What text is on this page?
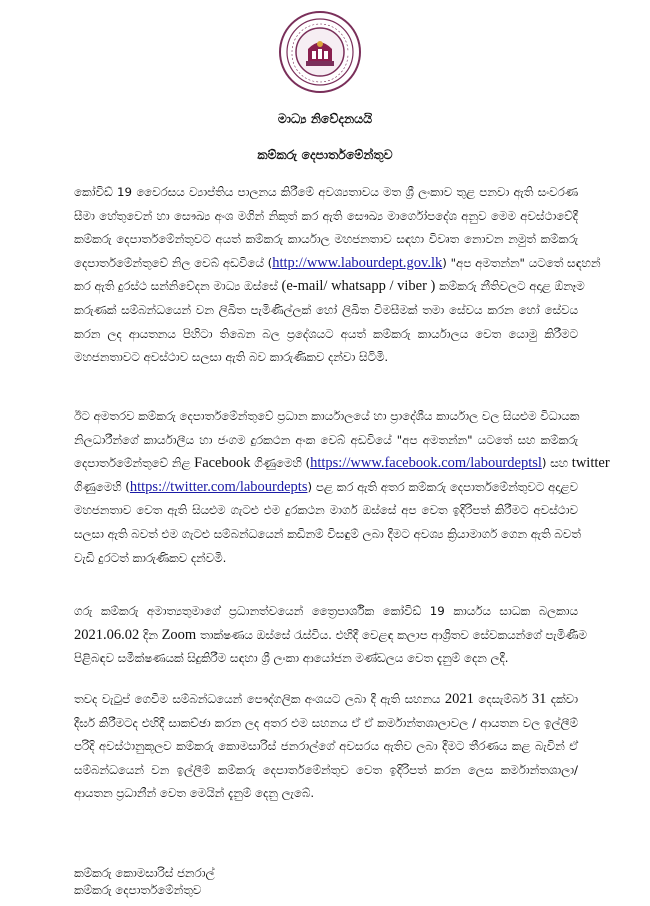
මාධ්‍ය නිවේදනයයි
කම්කරු දෙපාර්තමේන්තුව
කෝවිඩ් 19 වෛරසය ව්‍යාප්තිය පාලනය කිරීමේ අවශ්‍යතාවය මත ශ්‍රී ලංකාව තුළ පනවා ඇති සංවරණ
සීමා හේතුවෙන් හා සෞඛ්‍ය අංශ මගින් නිකුත් කර ඇති සෞඛ්‍ය මාර්ගෝපදේශ අනුව මෙම අවස්ථාවේදී
කම්කරු දෙපාර්තමේන්තුවට අයත් කම්කරු කාර්යාල මහජනතාව සඳහා විවෘත නොවන නමුත් කම්කරු
දෙපාර්තමේන්තුවේ නිල වෙබ් අඩවියේ (http://www.labourdept.gov.lk) "අප අමතන්න" යටතේ සඳහන්
කර ඇති දුරස්ථ සන්නිවේදන මාධ්‍ය ඔස්සේ (e-mail/ whatsapp / viber ) කම්කරු නීතිවලට අදාළ ඕනෑම
කරුණක් සම්බන්ධයෙන් වන ලිඛිත පැමිණිල්ලක් හෝ ලිඛිත විමසීමක් තමා සේවය කරන හෝ සේවය
කරන ලද ආයතනය පිහිටා තිබෙන බල ප්‍රදේශයට අයත් කම්කරු කාර්යාලය වෙත යොමු කිරීමට
මහජනතාවට අවස්ථාව සලසා ඇති බව කාරුණිකව දන්වා සිටිමි.
ඊට අමතරව කම්කරු දෙපාර්තමේන්තුවේ ප්‍රධාන කාර්යාලයේ හා ප්‍රාදේශීය කාර්යාල වල සියළුම විධායක
නිලධාරීන්ගේ කාර්යාලීය හා ජංගම දුරකථන අංක වෙබ් අඩවියේ "අප අමතන්න" යටතේ සහ කම්කරු
දෙපාර්තමේන්තුවේ නිළ Facebook ගිණුමෙහි (https://www.facebook.com/labourdeptsl) සහ twitter
ගිණුමෙහි (https://twitter.com/labourdepts) පළ කර ඇති අතර කම්කරු දෙපාර්තමේන්තුවට අදාළව
මහජනතාව වෙත ඇති සියළුම ගැටළු එම දුරකථන මාර්ග ඔස්සේ අප වෙත ඉදිරිපත් කිරීමට අවස්ථාව
සලසා ඇති බවත් එම ගැටළු සම්බන්ධයෙන් කඩිනම් විසඳුම් ලබා දීමට අවශ්‍ය ක්‍රියාමාර්ග ගෙන ඇති බවත්
වැඩි දුරටත් කාරුණිකව දන්වමි.
ගරු කම්කරු අමාත්‍යතුමාගේ ප්‍රධානත්වයෙන් ත්‍රෛපාර්ශික කෝවිඩ් 19 කාර්යය සාධක බලකාය
2021.06.02 දින Zoom තාක්ෂණය ඔස්සේ රැස්විය. එහිදී වෙළඳ කලාප ආශ්‍රිතව සේවකයන්ගේ පැමිණීම
පිළිබඳව සමීක්ෂණයක් සිදුකිරීම සඳහා ශ්‍රී ලංකා ආයෝජන මණ්ඩලය වෙත දැනුම් දෙන ලදී.
තවද වැටුප් ගෙවීම සම්බන්ධයෙන් පෞද්ගලික අංශයට ලබා දී ඇති සහනය 2021 දෙසැම්බර් 31 දක්වා
දීර්ඝ කිරීමටද එහිදී සාකච්ඡා කරන ලද අතර එම සහනය ඒ ඒ කර්මාන්තශාලාවල / ආයතන වල ඉල්ලීම්
පරිදි අවස්ථානුකූලව කම්කරු කොමසාරිස් ජනරාල්ගේ අවසරය ඇතිව ලබා දීමට තීරණය කළ බැවින් ඒ
සම්බන්ධයෙන් වන ඉල්ලීම් කම්කරු දෙපාර්තමේන්තුව වෙත ඉදිරිපත් කරන ලෙස කර්මාන්තශාලා/
ආයතන ප්‍රධානීන් වෙත මෙයින් දැනුම් දෙනු ලැබේ.
කම්කරු කොමසාරිස් ජනරාල්
කම්කරු දෙපාර්තමේන්තුව
